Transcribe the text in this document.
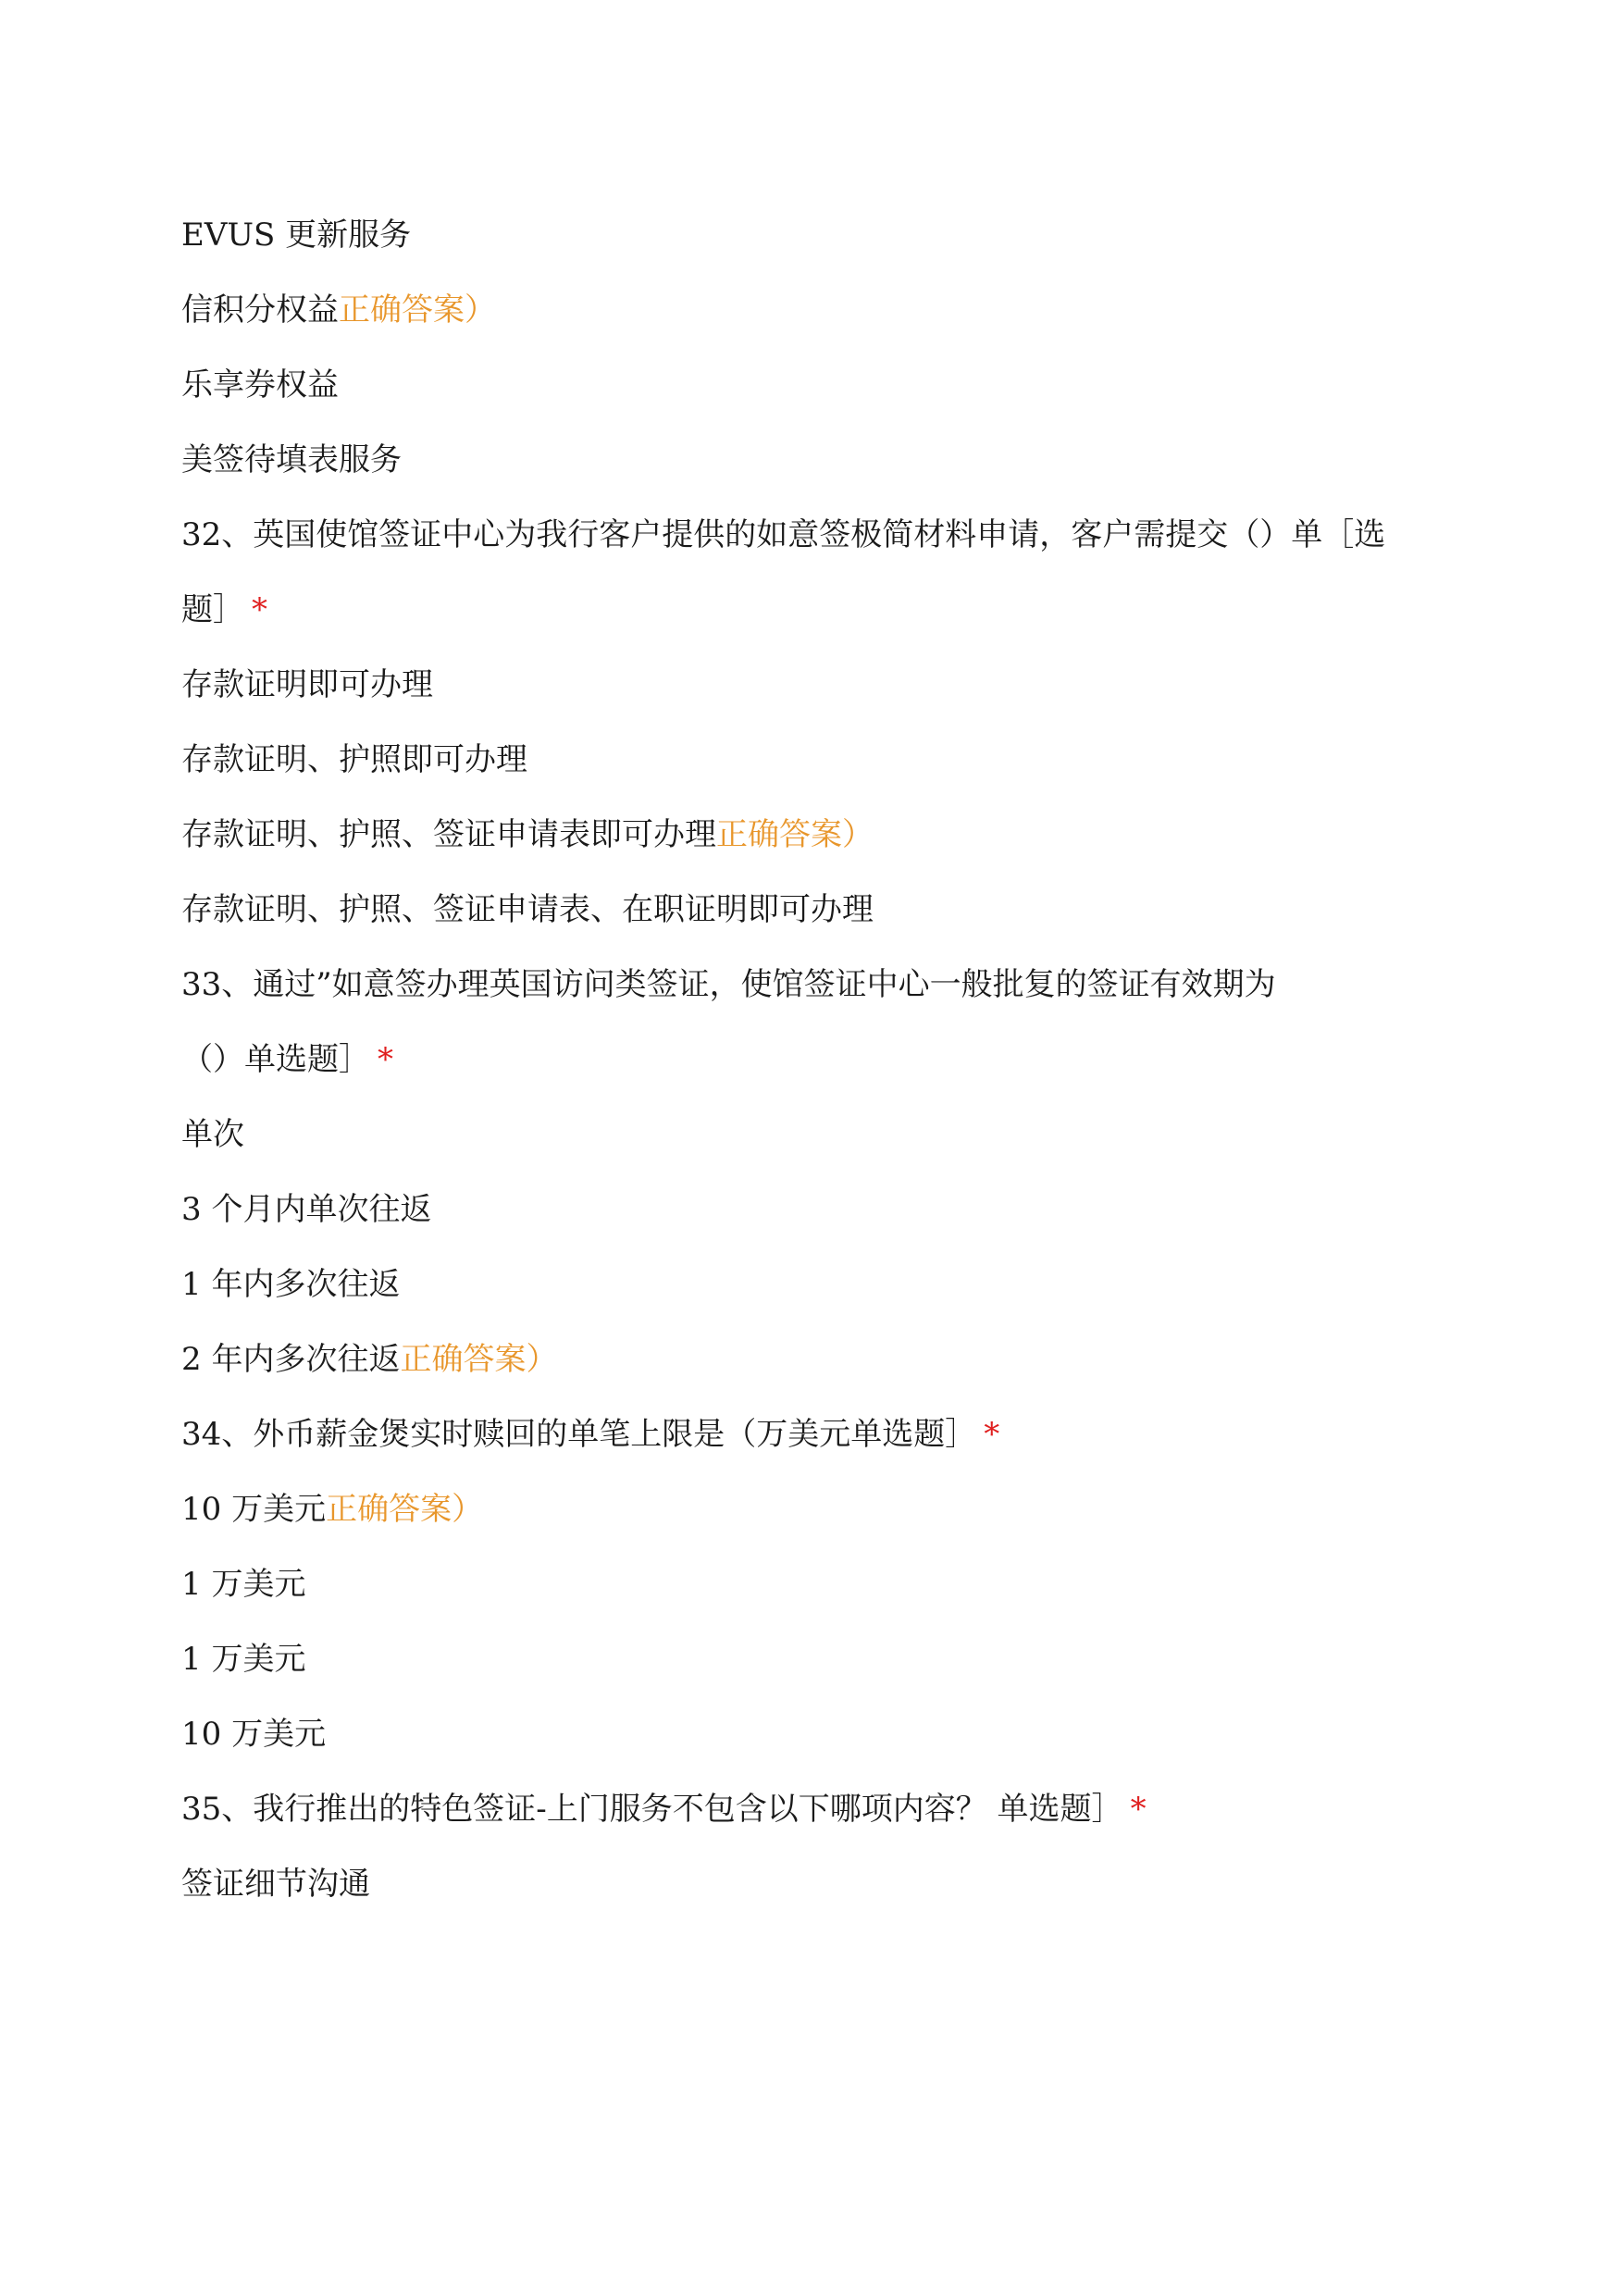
EVUS 更新服务

信积分权益正确答案）

乐享券权益

美签待填表服务

32、英国使馆签证中心为我行客户提供的如意签极简材料申请，客户需提交（）单［选

题］ *

存款证明即可办理

存款证明、护照即可办理

存款证明、护照、签证申请表即可办理正确答案）

存款证明、护照、签证申请表、在职证明即可办理

33、通过”如意签办理英国访问类签证，使馆签证中心一般批复的签证有效期为

（）单选题］ *

单次

3 个月内单次往返

1 年内多次往返

2 年内多次往返正确答案）

34、外币薪金煲实时赎回的单笔上限是（万美元单选题］ *

10 万美元正确答案）

1 万美元

1 万美元

10 万美元

35、我行推出的特色签证-上门服务不包含以下哪项内容？ 单选题］ *

签证细节沟通
